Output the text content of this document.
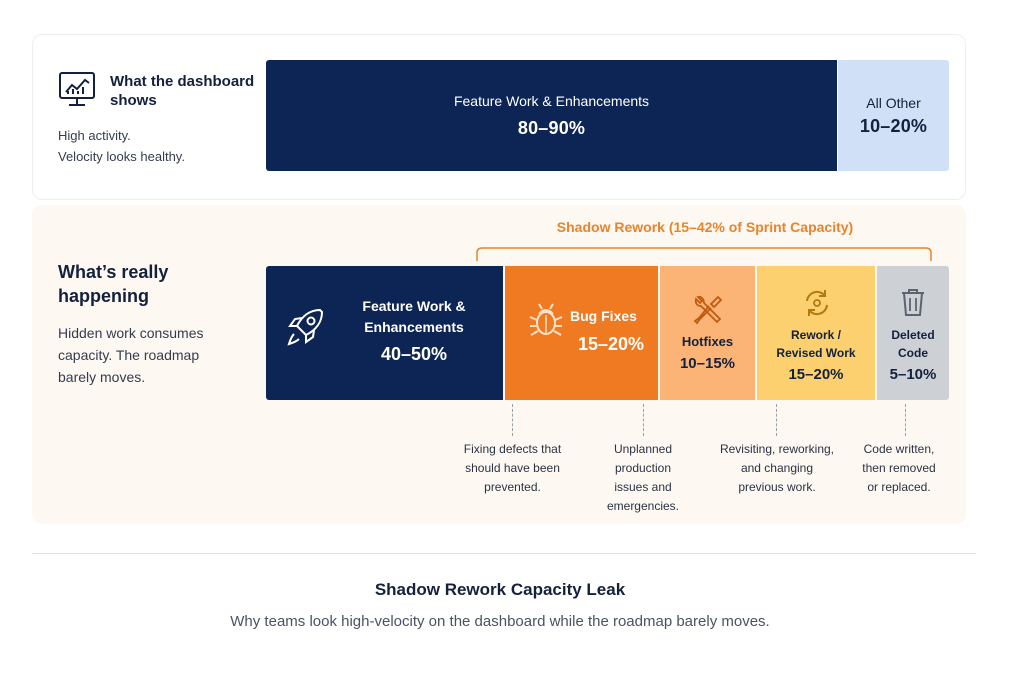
What the dashboard shows
High activity.
Velocity looks healthy.
Feature Work & Enhancements
80–90%
All Other
10–20%
What’s really happening
Hidden work consumes capacity. The roadmap barely moves.
Shadow Rework (15–42% of Sprint Capacity)
Feature Work &
Enhancements
40–50%
Bug Fixes
15–20%	Hotfixes
10–15%
Rework /
Revised Work
15–20%
Deleted
Code
5–10%
Fixing defects that
should have been
prevented.
Unplanned
production
issues and
emergencies.
Revisiting, reworking,
and changing
previous work.
Code written,
then removed
or replaced.
Shadow Rework Capacity Leak
Why teams look high-velocity on the dashboard while the roadmap barely moves.
